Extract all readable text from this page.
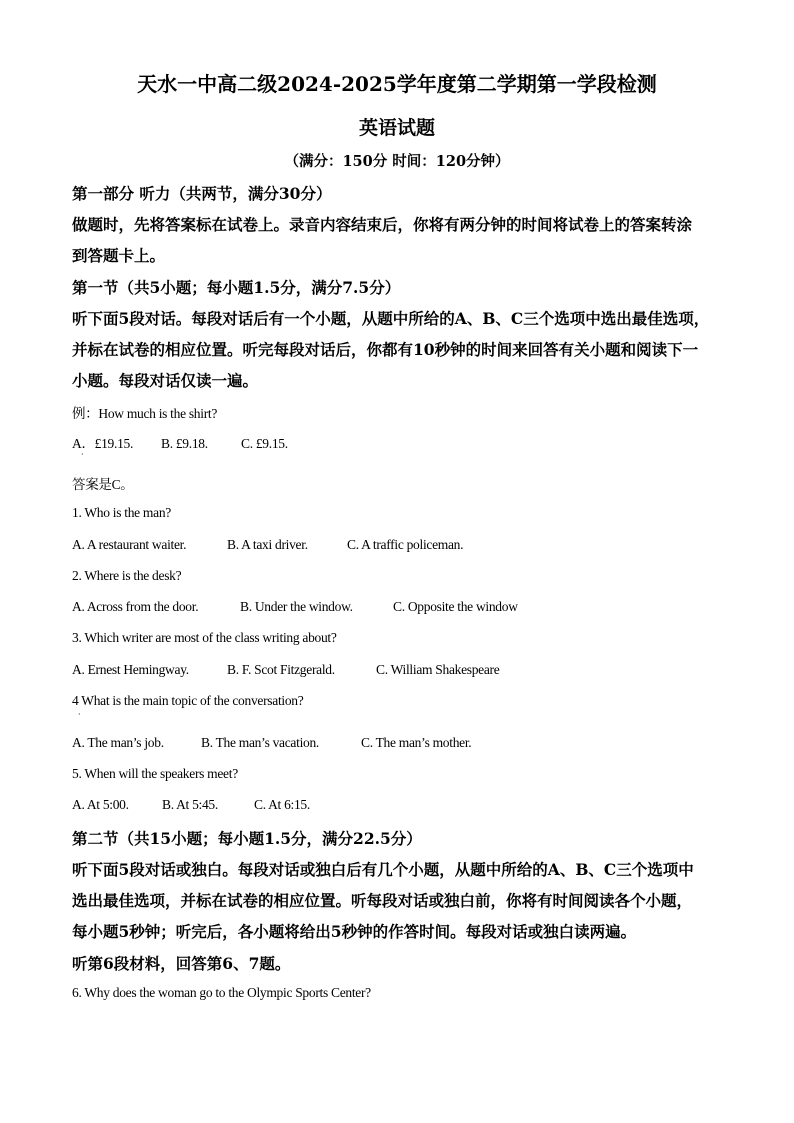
天水一中高二级2024-2025学年度第二学期第一学段检测
英语试题
（满分：150分 时间：120分钟）
第一部分 听力（共两节，满分30分）
做题时，先将答案标在试卷上。录音内容结束后，你将有两分钟的时间将试卷上的答案转涂
到答题卡上。
第一节（共5小题；每小题1.5分，满分7.5分）
听下面5段对话。每段对话后有一个小题，从题中所给的A、B、C三个选项中选出最佳选项，
并标在试卷的相应位置。听完每段对话后，你都有10秒钟的时间来回答有关小题和阅读下一
小题。每段对话仅读一遍。
例：How much is the shirt?
A．£19.15. B. £9.18. C. £9.15.
·
答案是C。
1. Who is the man?
A. A restaurant waiter.	B. A taxi driver.	C. A traffic policeman.
2. Where is the desk?
A. Across from the door.	B. Under the window.	C. Opposite the window
3. Which writer are most of the class writing about?
A. Ernest Hemingway.	B. F. Scot Fitzgerald.	C. William Shakespeare
4 What is the main topic of the conversation?
·
A. The man’s job.	B. The man’s vacation.	C. The man’s mother.
5. When will the speakers meet?
A. At 5:00. B. At 5:45.	C. At 6:15.
第二节（共15小题；每小题1.5分，满分22.5分）
听下面5段对话或独白。每段对话或独白后有几个小题，从题中所给的A、B、C三个选项中
选出最佳选项，并标在试卷的相应位置。听每段对话或独白前，你将有时间阅读各个小题，
每小题5秒钟；听完后，各小题将给出5秒钟的作答时间。每段对话或独白读两遍。
听第6段材料，回答第6、7题。
6. Why does the woman go to the Olympic Sports Center?
